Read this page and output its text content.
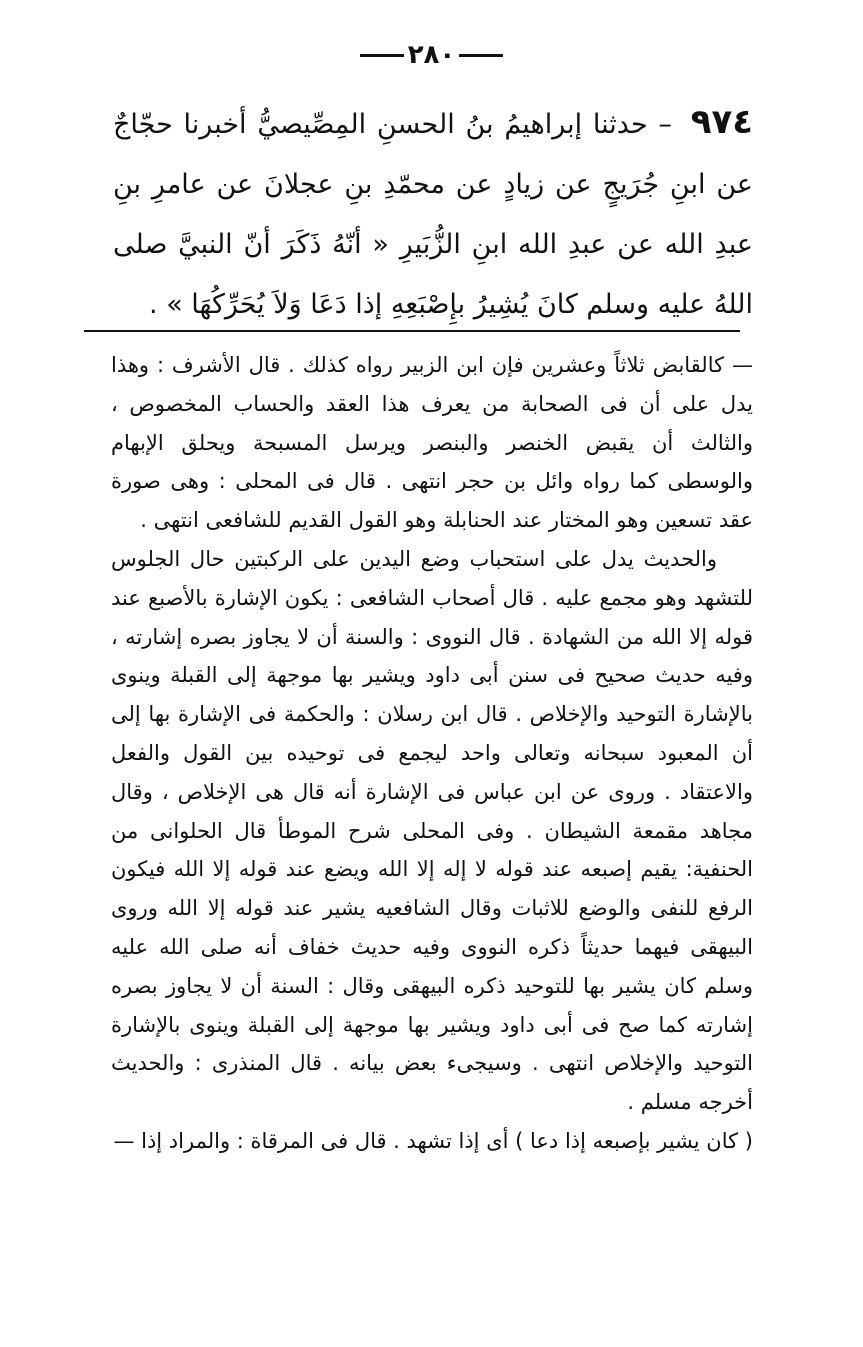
٢٨٠
٩٧٤ – حدثنا إبراهيمُ بنُ الحسنِ المِصِّيصيُّ أخبرنا حجّاجٌ عن ابنِ جُرَيجٍ عن زيادٍ عن محمّدِ بنِ عجلانَ عن عامرِ بنِ عبدِ الله عن عبدِ الله ابنِ الزُّبَيرِ « أنّهُ ذَكَرَ أنّ النبيَّ صلى اللهُ عليه وسلم كانَ يُشِيرُ بإِصْبَعِهِ إذا دَعَا وَلاَ يُحَرِّكُهَا » .

— كالقابض ثلاثاً وعشرين فإن ابن الزبير رواه كذلك . قال الأشرف : وهذا يدل على أن فى الصحابة من يعرف هذا العقد والحساب المخصوص ، والثالث أن يقبض الخنصر والبنصر ويرسل المسبحة ويحلق الإبهام والوسطى كما رواه وائل بن حجر انتهى . قال فى المحلى : وهى صورة عقد تسعين وهو المختار عند الحنابلة وهو القول القديم للشافعى انتهى .

والحديث يدل على استحباب وضع اليدين على الركبتين حال الجلوس للتشهد وهو مجمع عليه . قال أصحاب الشافعى : يكون الإشارة بالأصبع عند قوله إلا الله من الشهادة . قال النووى : والسنة أن لا يجاوز بصره إشارته ، وفيه حديث صحيح فى سنن أبى داود ويشير بها موجهة إلى القبلة وينوى بالإشارة التوحيد والإخلاص . قال ابن رسلان : والحكمة فى الإشارة بها إلى أن المعبود سبحانه وتعالى واحد ليجمع فى توحيده بين القول والفعل والاعتقاد . وروى عن ابن عباس فى الإشارة أنه قال هى الإخلاص ، وقال مجاهد مقمعة الشيطان . وفى المحلى شرح الموطأ قال الحلوانى من الحنفية: يقيم إصبعه عند قوله لا إله إلا الله ويضع عند قوله إلا الله فيكون الرفع للنفى والوضع للاثبات وقال الشافعيه يشير عند قوله إلا الله وروى البيهقى فيهما حديثاً ذكره النووى وفيه حديث خفاف أنه صلى الله عليه وسلم كان يشير بها للتوحيد ذكره البيهقى وقال : السنة أن لا يجاوز بصره إشارته كما صح فى أبى داود ويشير بها موجهة إلى القبلة وينوى بالإشارة التوحيد والإخلاص انتهى . وسيجىء بعض بيانه . قال المنذرى : والحديث أخرجه مسلم .

( كان يشير بإصبعه إذا دعا ) أى إذا تشهد . قال فى المرقاة : والمراد إذا —
